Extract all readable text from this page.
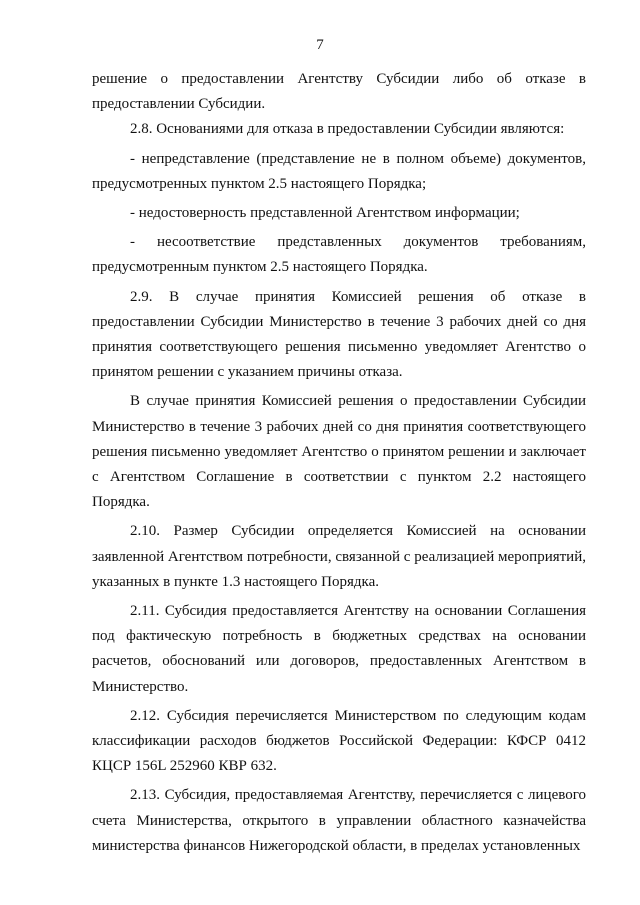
7

решение о предоставлении Агентству Субсидии либо об отказе в предоставлении Субсидии.

2.8. Основаниями для отказа в предоставлении Субсидии являются:

- непредставление (представление не в полном объеме) документов, предусмотренных пунктом 2.5 настоящего Порядка;

- недостоверность представленной Агентством информации;

- несоответствие представленных документов требованиям, предусмотренным пунктом 2.5 настоящего Порядка.

2.9. В случае принятия Комиссией решения об отказе в предоставлении Субсидии Министерство в течение 3 рабочих дней со дня принятия соответствующего решения письменно уведомляет Агентство о принятом решении с указанием причины отказа.

В случае принятия Комиссией решения о предоставлении Субсидии Министерство в течение 3 рабочих дней со дня принятия соответствующего решения письменно уведомляет Агентство о принятом решении и заключает с Агентством Соглашение в соответствии с пунктом 2.2 настоящего Порядка.

2.10. Размер Субсидии определяется Комиссией на основании заявленной Агентством потребности, связанной с реализацией мероприятий, указанных в пункте 1.3 настоящего Порядка.

2.11. Субсидия предоставляется Агентству на основании Соглашения под фактическую потребность в бюджетных средствах на основании расчетов, обоснований или договоров, предоставленных Агентством в Министерство.

2.12. Субсидия перечисляется Министерством по следующим кодам классификации расходов бюджетов Российской Федерации: КФСР 0412 КЦСР 156L 252960 КВР 632.

2.13. Субсидия, предоставляемая Агентству, перечисляется с лицевого счета Министерства, открытого в управлении областного казначейства министерства финансов Нижегородской области, в пределах установленных
